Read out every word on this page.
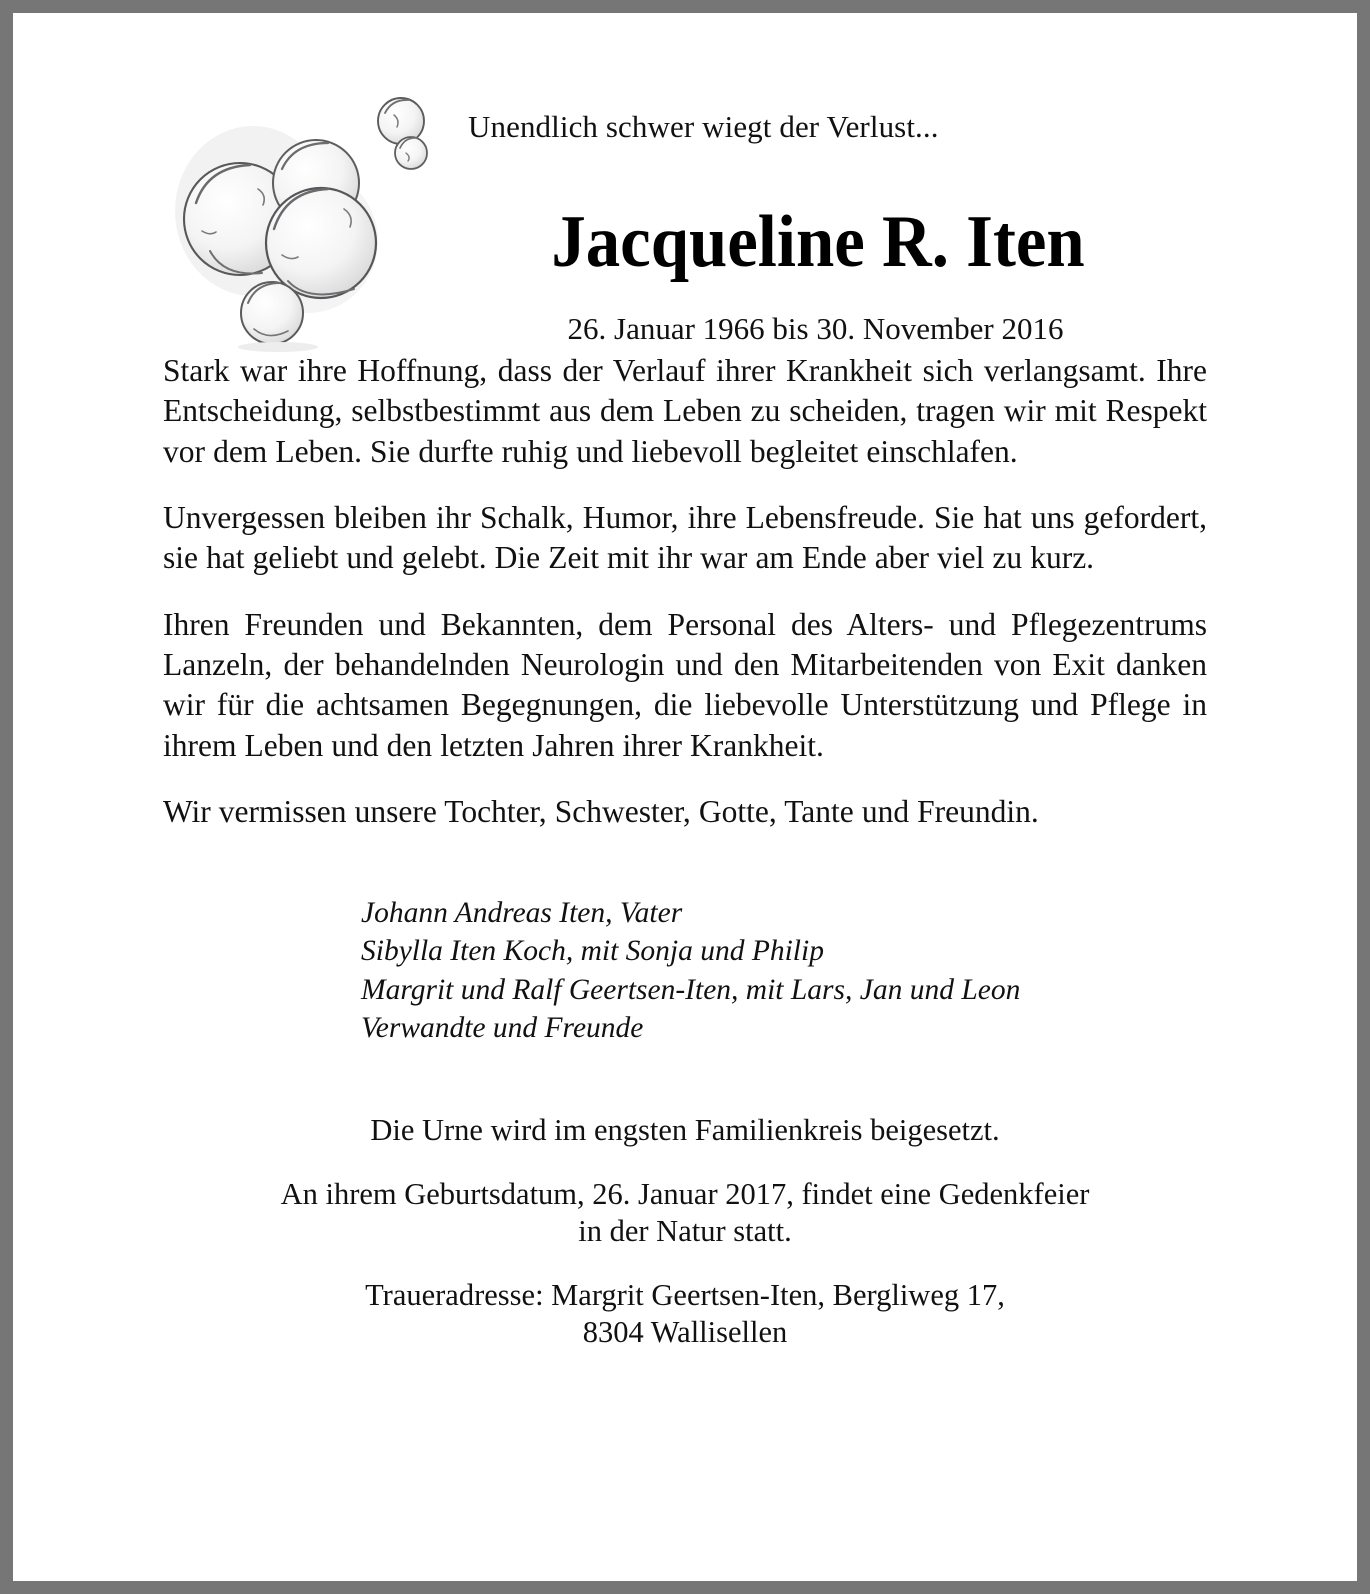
Unendlich schwer wiegt der Verlust...
Jacqueline R. Iten
26. Januar 1966 bis 30. November 2016

Stark war ihre Hoffnung, dass der Verlauf ihrer Krankheit sich verlangsamt. Ihre Entscheidung, selbstbestimmt aus dem Leben zu scheiden, tragen wir mit Respekt vor dem Leben. Sie durfte ruhig und liebevoll begleitet einschlafen.

Unvergessen bleiben ihr Schalk, Humor, ihre Lebensfreude. Sie hat uns gefordert, sie hat geliebt und gelebt. Die Zeit mit ihr war am Ende aber viel zu kurz.

Ihren Freunden und Bekannten, dem Personal des Alters- und Pflegezentrums Lanzeln, der behandelnden Neurologin und den Mitarbeitenden von Exit danken wir für die achtsamen Begegnungen, die liebevolle Unterstützung und Pflege in ihrem Leben und den letzten Jahren ihrer Krankheit.

Wir vermissen unsere Tochter, Schwester, Gotte, Tante und Freundin.

Johann Andreas Iten, Vater
Sibylla Iten Koch, mit Sonja und Philip
Margrit und Ralf Geertsen-Iten, mit Lars, Jan und Leon
Verwandte und Freunde
Die Urne wird im engsten Familienkreis beigesetzt.
An ihrem Geburtsdatum, 26. Januar 2017, findet eine Gedenkfeier
in der Natur statt.
Traueradresse: Margrit Geertsen-Iten, Bergliweg 17,
8304 Wallisellen
